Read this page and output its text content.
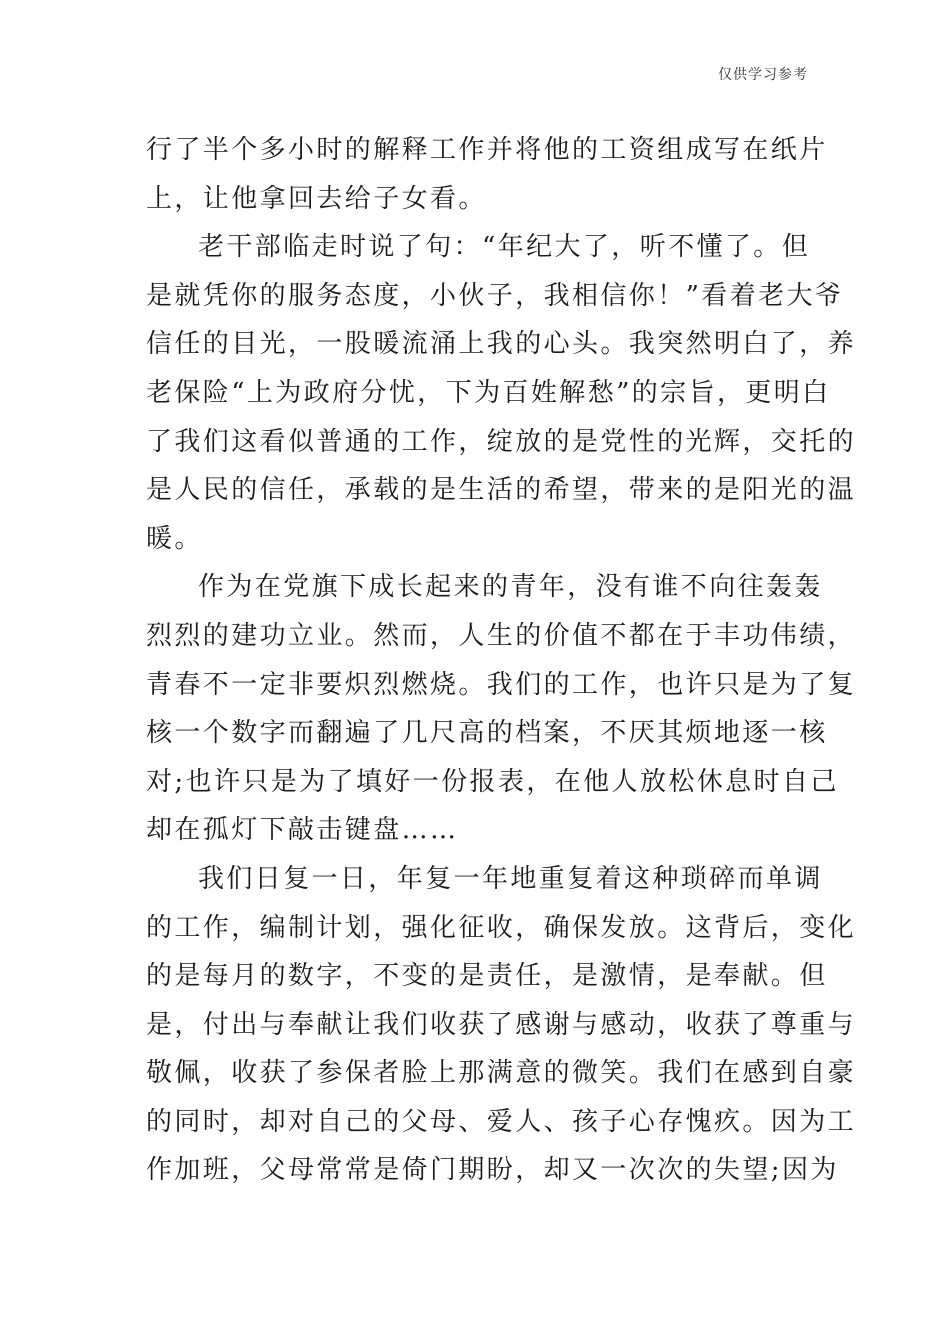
仅供学习参考

行了半个多小时的解释工作并将他的工资组成写在纸片
上，让他拿回去给子女看。

老干部临走时说了句：“年纪大了，听不懂了。但
是就凭你的服务态度，小伙子，我相信你！”看着老大爷
信任的目光，一股暖流涌上我的心头。我突然明白了，养
老保险“上为政府分忧，下为百姓解愁”的宗旨，更明白
了我们这看似普通的工作，绽放的是党性的光辉，交托的
是人民的信任，承载的是生活的希望，带来的是阳光的温
暖。

作为在党旗下成长起来的青年，没有谁不向往轰轰
烈烈的建功立业。然而，人生的价值不都在于丰功伟绩，
青春不一定非要炽烈燃烧。我们的工作，也许只是为了复
核一个数字而翻遍了几尺高的档案，不厌其烦地逐一核
对;也许只是为了填好一份报表，在他人放松休息时自己
却在孤灯下敲击键盘……

我们日复一日，年复一年地重复着这种琐碎而单调
的工作，编制计划，强化征收，确保发放。这背后，变化
的是每月的数字，不变的是责任，是激情，是奉献。但
是，付出与奉献让我们收获了感谢与感动，收获了尊重与
敬佩，收获了参保者脸上那满意的微笑。我们在感到自豪
的同时，却对自己的父母、爱人、孩子心存愧疚。因为工
作加班，父母常常是倚门期盼，却又一次次的失望;因为
